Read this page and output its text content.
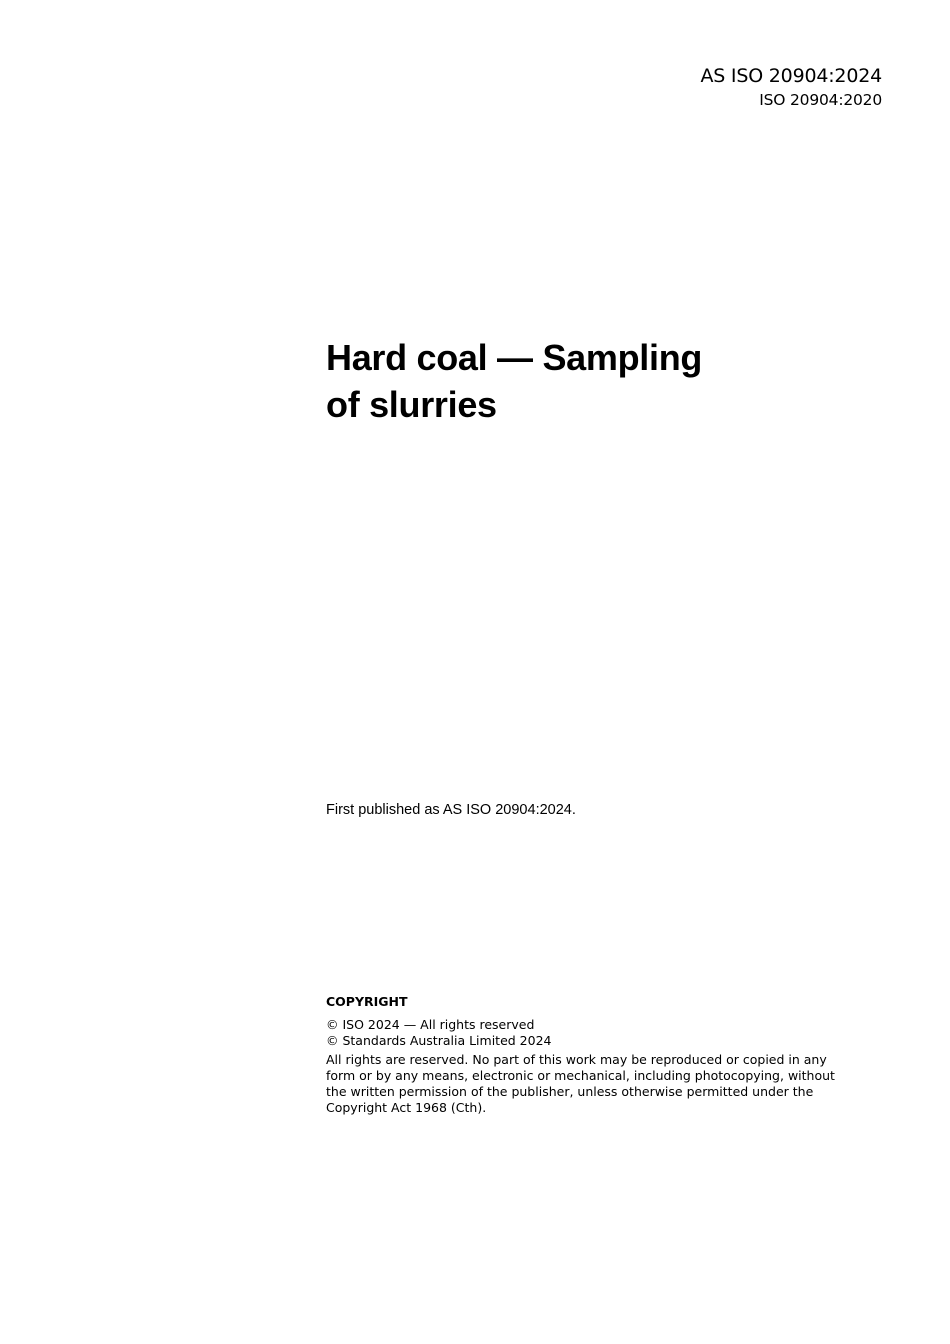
AS ISO 20904:2024
ISO 20904:2020
Hard coal — Sampling
of slurries

First published as AS ISO 20904:2024.

COPYRIGHT

© ISO 2024 — All rights reserved
© Standards Australia Limited 2024

All rights are reserved. No part of this work may be reproduced or copied in any form or by any means, electronic or mechanical, including photocopying, without the written permission of the publisher, unless otherwise permitted under the Copyright Act 1968 (Cth).
